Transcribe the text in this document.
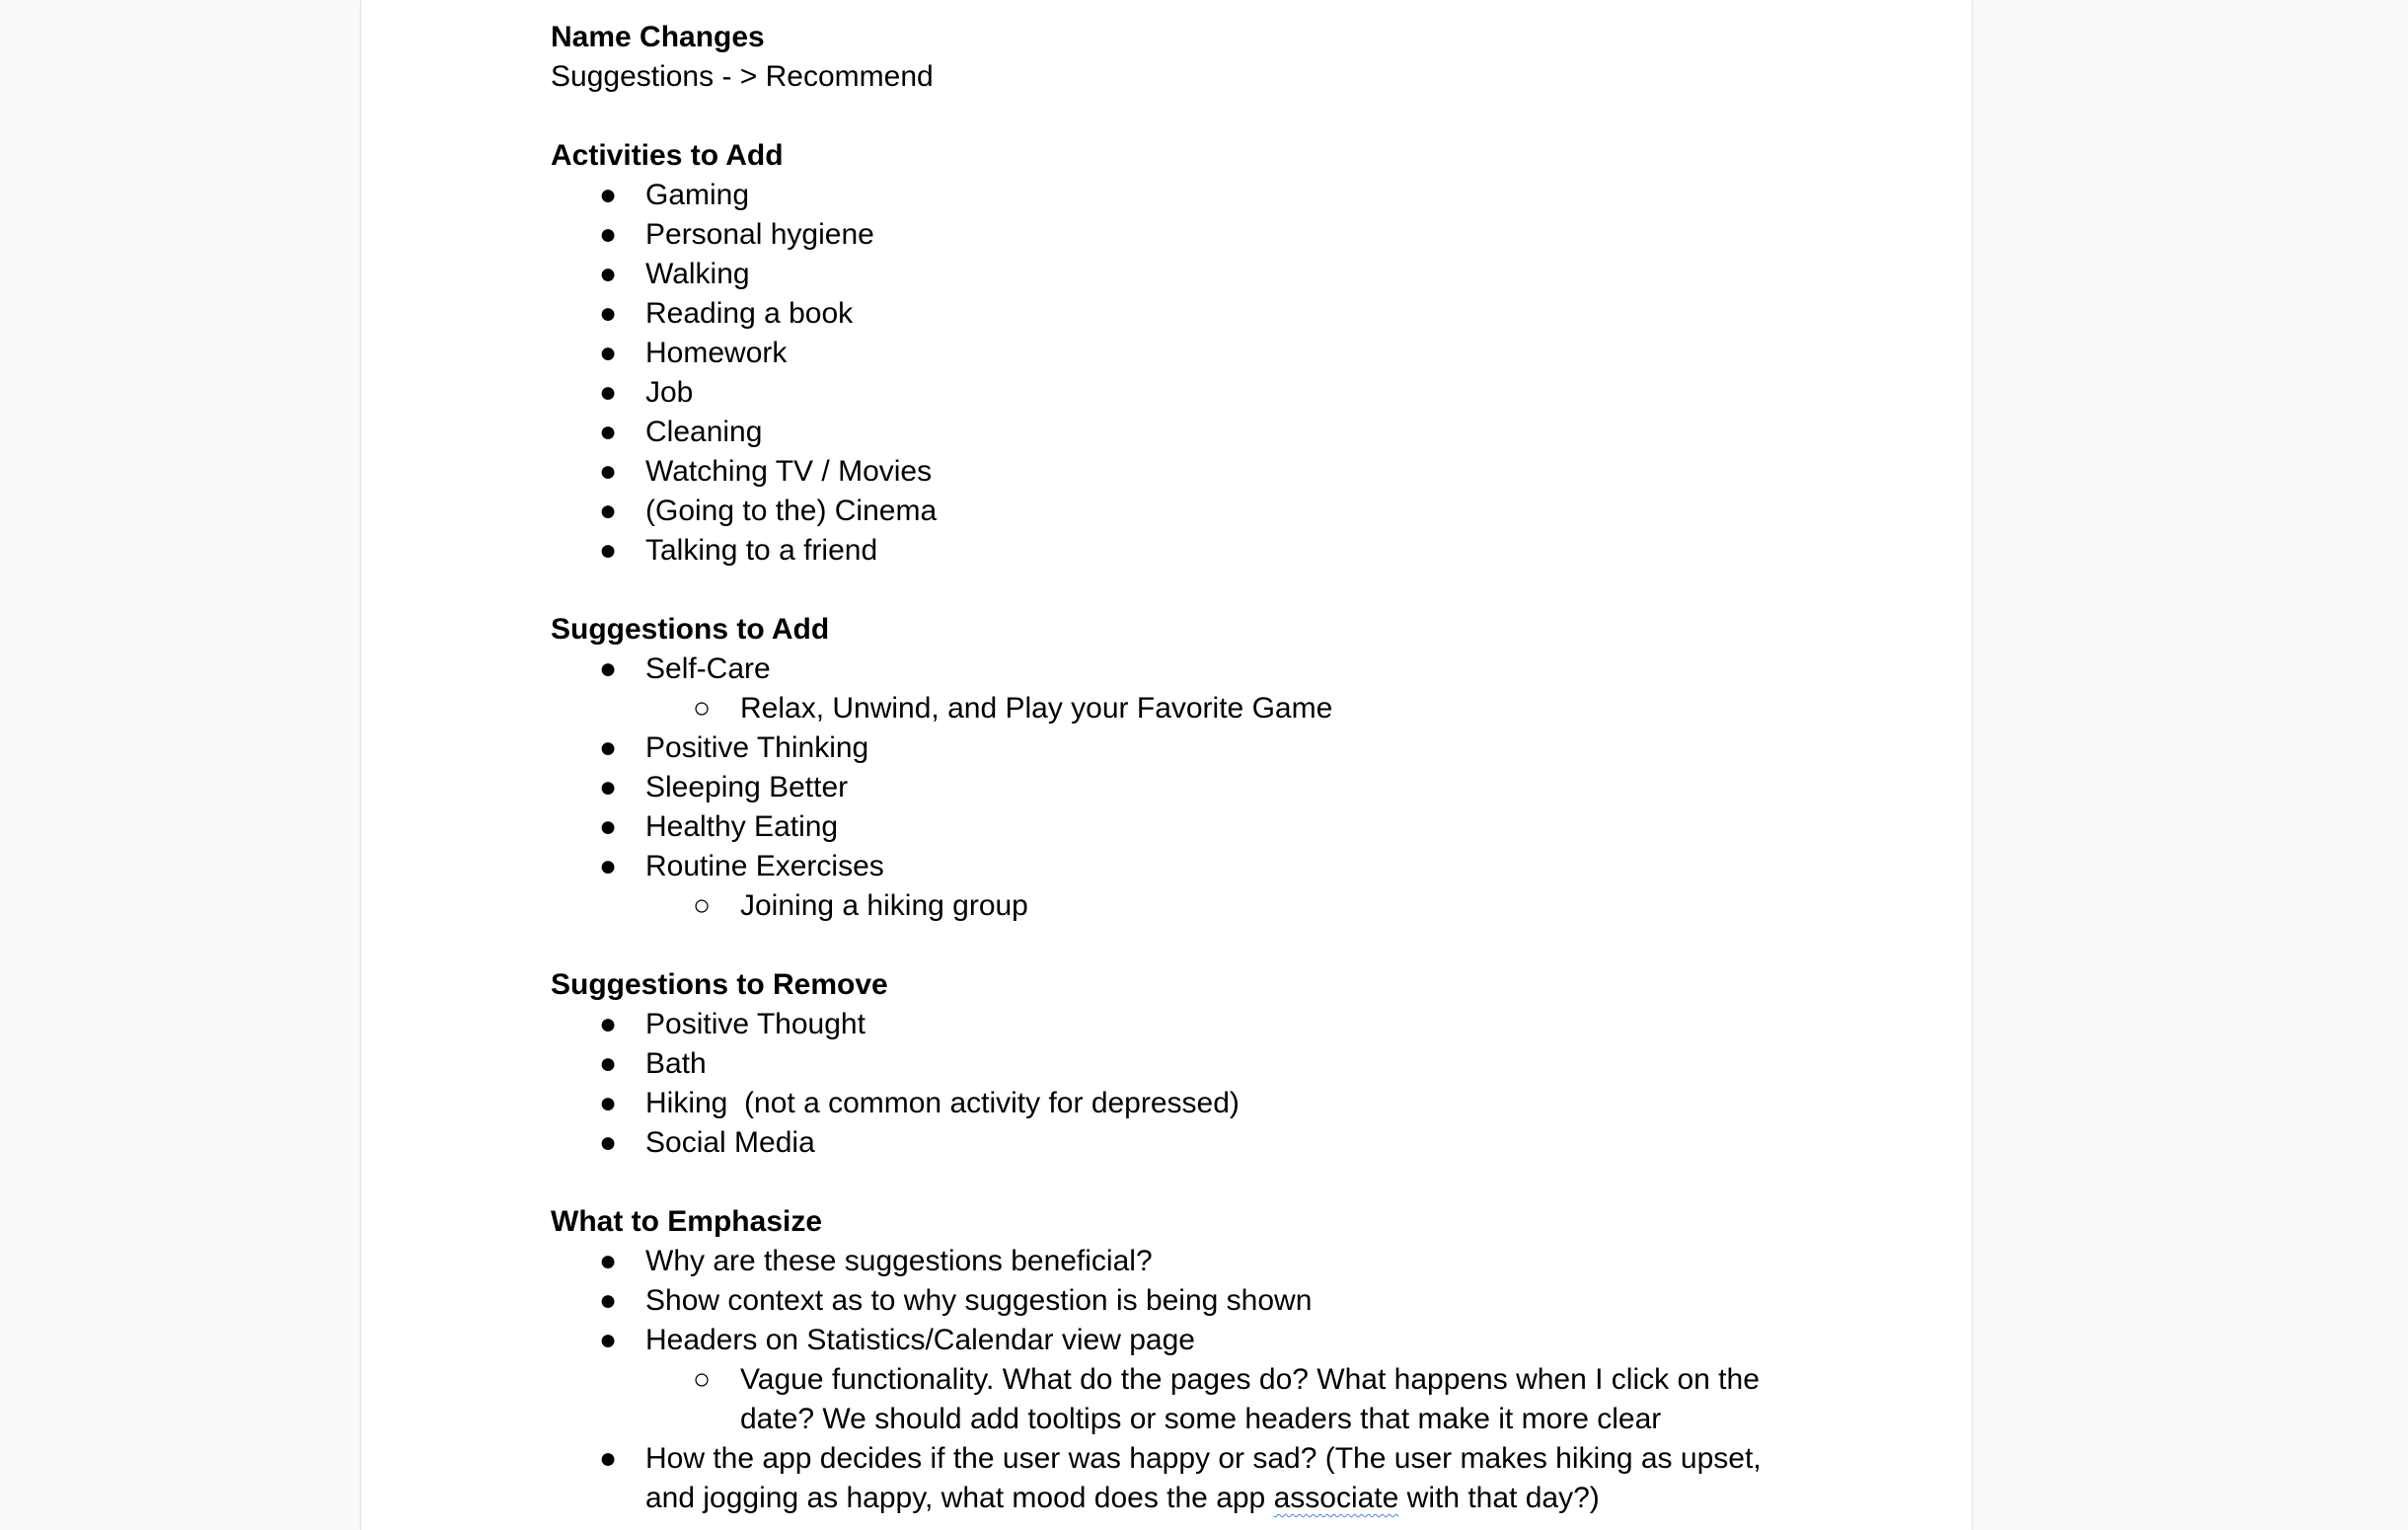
Name Changes
Suggestions - > Recommend
Activities to Add
● Gaming
● Personal hygiene
● Walking
● Reading a book
● Homework
● Job
● Cleaning
● Watching TV / Movies
● (Going to the) Cinema
● Talking to a friend
Suggestions to Add
● Self-Care
○ Relax, Unwind, and Play your Favorite Game
● Positive Thinking
● Sleeping Better
● Healthy Eating
● Routine Exercises
○ Joining a hiking group
Suggestions to Remove
● Positive Thought
● Bath
● Hiking  (not a common activity for depressed)
● Social Media
What to Emphasize
● Why are these suggestions beneficial?
● Show context as to why suggestion is being shown
● Headers on Statistics/Calendar view page
○ Vague functionality. What do the pages do? What happens when I click on the date? We should add tooltips or some headers that make it more clear
● How the app decides if the user was happy or sad? (The user makes hiking as upset, and jogging as happy, what mood does the app associate with that day?)
